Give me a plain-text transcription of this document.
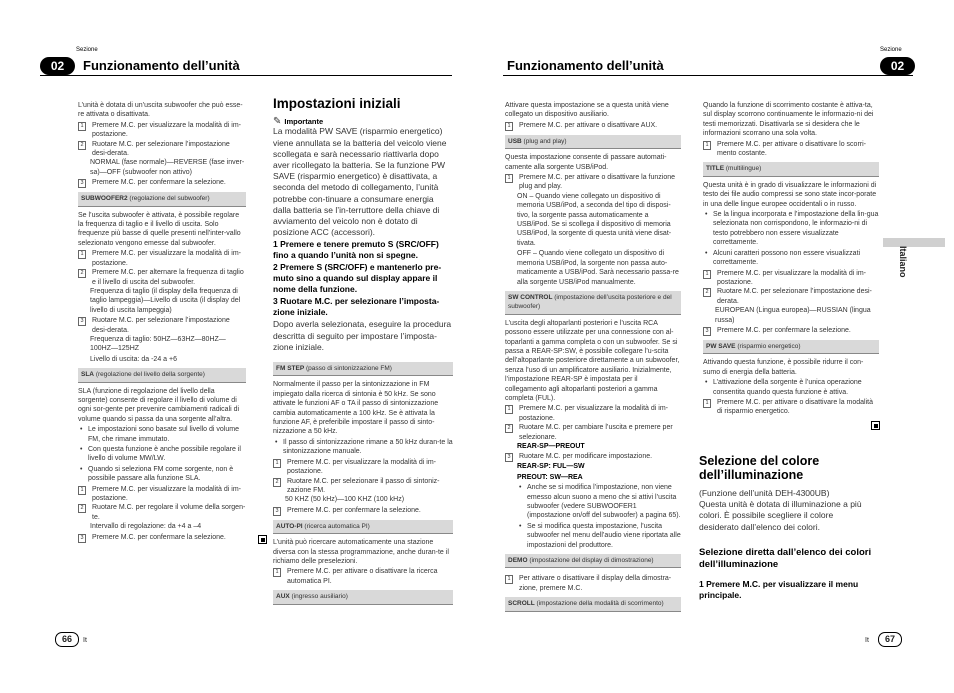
Sezione
02	Funzionamento dell’unità
Sezione
02
Funzionamento dell’unità

L’unità è dotata di un’uscita subwoofer che può esse-re attivata o disattivata.

1	Premere M.C. per visualizzare la modalità di im-postazione.
2	Ruotare M.C. per selezionare l’impostazione desi-derata.

NORMAL (fase normale)—REVERSE (fase inver-sa)—OFF (subwoofer non attivo)

3	Premere M.C. per confermare la selezione.
SUBWOOFER2 (regolazione del subwoofer)

Se l’uscita subwoofer è attivata, è possibile regolare la frequenza di taglio e il livello di uscita. Solo frequenze più basse di quelle presenti nell’inter-vallo selezionato vengono emesse dal subwoofer.

1	Premere M.C. per visualizzare la modalità di im-postazione.
2	Premere M.C. per alternare la frequenza di taglio e il livello di uscita del subwoofer.

Frequenza di taglio (il display della frequenza di taglio lampeggia)—Livello di uscita (il display del livello di uscita lampeggia)

3	Ruotare M.C. per selezionare l’impostazione desi-derata.

Frequenza di taglio: 50HZ—63HZ—80HZ—100HZ—125HZ

Livello di uscita: da -24 a +6

SLA (regolazione del livello della sorgente)

SLA (funzione di regolazione del livello della sorgente) consente di regolare il livello di volume di ogni sor-gente per prevenire cambiamenti radicali di volume quando si passa da una sorgente all’altra.

• Le impostazioni sono basate sul livello di volume FM, che rimane immutato.

• Con questa funzione è anche possibile regolare il livello di volume MW/LW.

• Quando si seleziona FM come sorgente, non è possibile passare alla funzione SLA.

1	Premere M.C. per visualizzare la modalità di im-postazione.
2	Ruotare M.C. per regolare il volume della sorgen-te.

Intervallo di regolazione: da +4 a –4

3	Premere M.C. per confermare la selezione.
Impostazioni iniziali
✎ Importante

La modalità PW SAVE (risparmio energetico) viene annullata se la batteria del veicolo viene scollegata e sarà necessario riattivarla dopo aver ricollegato la batteria. Se la funzione PW SAVE (risparmio energetico) è disattivata, a seconda del metodo di collegamento, l’unità potrebbe con-tinuare a consumare energia dalla batteria se l’in-terruttore della chiave di avviamento del veicolo non è dotato di posizione ACC (accessori).

1 Premere e tenere premuto S (SRC/OFF) fino a quando l’unità non si spegne.

2 Premere S (SRC/OFF) e mantenerlo pre-muto sino a quando sul display appare il nome della funzione.

3 Ruotare M.C. per selezionare l’imposta-zione iniziale.

Dopo averla selezionata, eseguire la procedura descritta di seguito per impostare l’imposta-zione iniziale.

FM STEP (passo di sintonizzazione FM)

Normalmente il passo per la sintonizzazione in FM impiegato dalla ricerca di sintonia è 50 kHz. Se sono attivate le funzioni AF o TA il passo di sintonizzazione cambia automaticamente a 100 kHz. Se è attivata la funzione AF, è preferibile impostare il passo di sinto-nizzazione a 50 kHz.

• Il passo di sintonizzazione rimane a 50 kHz duran-te la sintonizzazione manuale.

1	Premere M.C. per visualizzare la modalità di im-postazione.
2	Ruotare M.C. per selezionare il passo di sintoniz-zazione FM.

50 KHZ (50 kHz)—100 KHZ (100 kHz)

3	Premere M.C. per confermare la selezione.
AUTO-PI (ricerca automatica PI)

L’unità può ricercare automaticamente una stazione diversa con la stessa programmazione, anche duran-te il richiamo delle preselezioni.

1	Premere M.C. per attivare o disattivare la ricerca automatica PI.
AUX (ingresso ausiliario)

Attivare questa impostazione se a questa unità viene collegato un dispositivo ausiliario.

1	Premere M.C. per attivare o disattivare AUX.
USB (plug and play)

Questa impostazione consente di passare automati-camente alla sorgente USB/iPod.

1	Premere M.C. per attivare o disattivare la funzione plug and play.

ON – Quando viene collegato un dispositivo di memoria USB/iPod, a seconda del tipo di disposi-tivo, la sorgente passa automaticamente a USB/iPod. Se si scollega il dispositivo di memoria USB/iPod, la sorgente di questa unità viene disat-tivata.

OFF – Quando viene collegato un dispositivo di memoria USB/iPod, la sorgente non passa auto-maticamente a USB/iPod. Sarà necessario passa-re alla sorgente USB/iPod manualmente.

SW CONTROL (impostazione dell’uscita posteriore e del subwoofer)

L’uscita degli altoparlanti posteriori e l’uscita RCA possono essere utilizzate per una connessione con al-toparlanti a gamma completa o con un subwoofer. Se si passa a REAR-SP:SW, è possibile collegare l’u-scita dell’altoparlante posteriore direttamente a un subwoofer, senza l’uso di un amplificatore ausiliario. Inizialmente, l’impostazione REAR-SP è impostata per il collegamento agli altoparlanti posteriori a gamma completa (FUL).

1	Premere M.C. per visualizzare la modalità di im-postazione.
2	Ruotare M.C. per cambiare l’uscita e premere per selezionare.

REAR-SP—PREOUT

3	Ruotare M.C. per modificare impostazione.

REAR-SP: FUL—SW

PREOUT: SW—REA

• Anche se si modifica l’impostazione, non viene emesso alcun suono a meno che si attivi l’uscita subwoofer (vedere SUBWOOFER1 (impostazione on/off del subwoofer) a pagina 65).

• Se si modifica questa impostazione, l’uscita subwoofer nel menu dell’audio viene riportata alle impostazioni del produttore.

DEMO (impostazione del display di dimostrazione)
1	Per attivare o disattivare il display della dimostra-zione, premere M.C.
SCROLL (impostazione della modalità di scorrimento)

Quando la funzione di scorrimento costante è attiva-ta, sul display scorrono continuamente le informazio-ni dei testi memorizzati. Disattivarla se si desidera che le informazioni scorrano una sola volta.

1	Premere M.C. per attivare o disattivare lo scorri-mento costante.
TITLE (multilingue)

Questa unità è in grado di visualizzare le informazioni di testo dei file audio compressi se sono state incor-porate in una delle lingue europee occidentali o in russo.

• Se la lingua incorporata e l’impostazione della lin-gua selezionata non corrispondono, le informazio-ni di testo potrebbero non essere visualizzate correttamente.

• Alcuni caratteri possono non essere visualizzati correttamente.

1	Premere M.C. per visualizzare la modalità di im-postazione.
2	Ruotare M.C. per selezionare l’impostazione desi-derata.

EUROPEAN (Lingua europea)—RUSSIAN (lingua russa)

3	Premere M.C. per confermare la selezione.
PW SAVE (risparmio energetico)

Attivando questa funzione, è possibile ridurre il con-sumo di energia della batteria.

• L’attivazione della sorgente è l’unica operazione consentita quando questa funzione è attiva.

1	Premere M.C. per attivare o disattivare la modalità di risparmio energetico.
Selezione del colore dell’illuminazione

(Funzione dell’unità DEH-4300UB)

Questa unità è dotata di illuminazione a più colori. È possibile scegliere il colore desiderato dall’elenco dei colori.

Selezione diretta dall’elenco dei colori dell’illuminazione

1 Premere M.C. per visualizzare il menu principale.

Italiano
66	It	It	67
